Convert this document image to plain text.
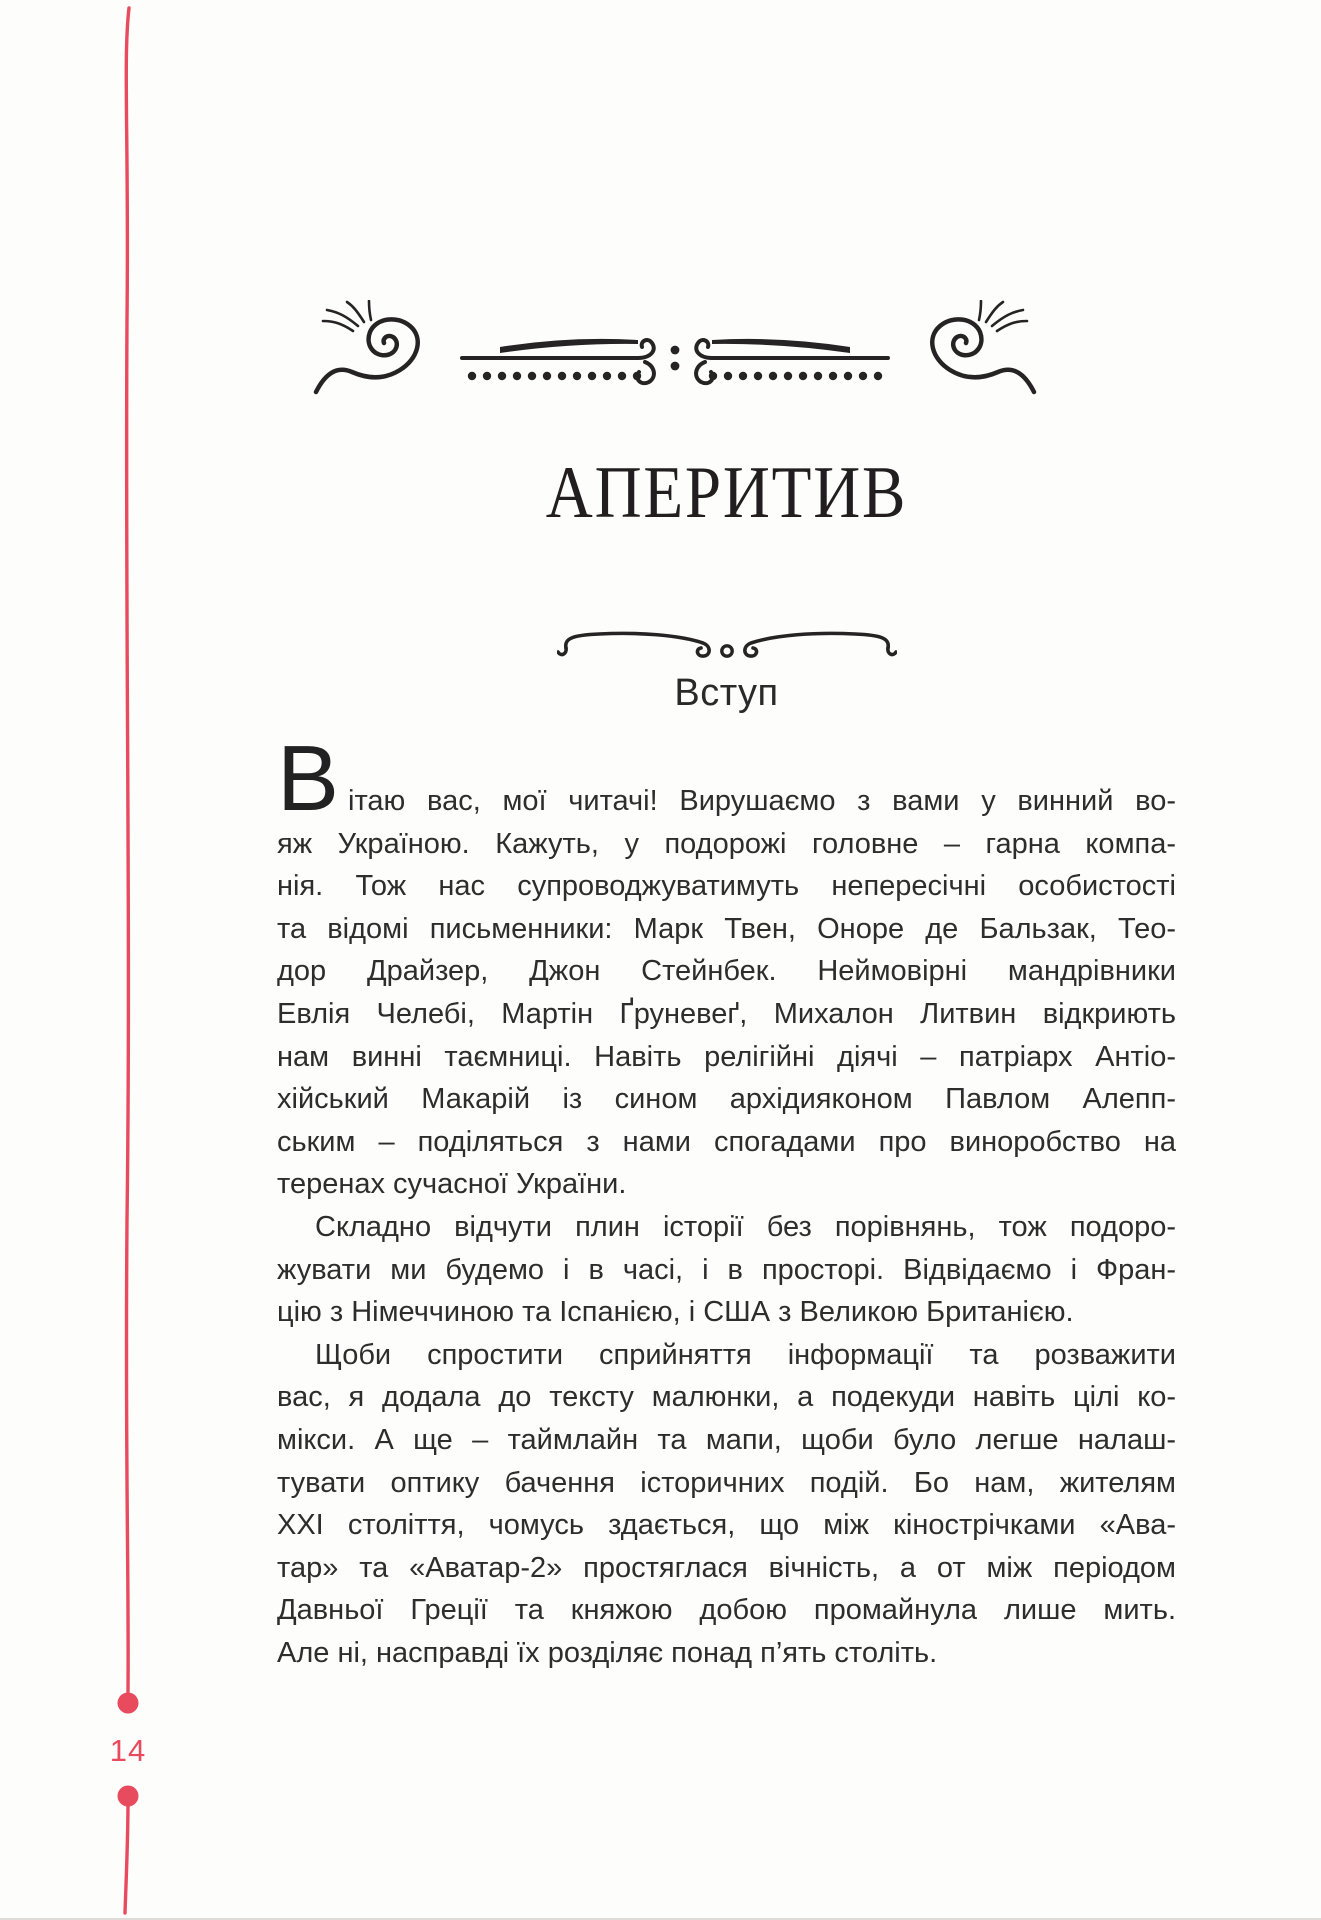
14
АПЕРИТИВ
Вступ
Вітаю вас, мої читачі! Вирушаємо з вами у винний во-
яж Україною. Кажуть, у подорожі головне – гарна компа-
нія. Тож нас супроводжуватимуть непересічні особистості
та відомі письменники: Марк Твен, Оноре де Бальзак, Тео-
дор Драйзер, Джон Стейнбек. Неймовірні мандрівники
Евлія Челебі, Мартін Ґруневеґ, Михалон Литвин відкриють
нам винні таємниці. Навіть релігійні діячі – патріарх Антіо-
хійський Макарій із сином архідияконом Павлом Алепп-
ським – поділяться з нами спогадами про виноробство на
теренах сучасної України.
Складно відчути плин історії без порівнянь, тож подоро-
жувати ми будемо і в часі, і в просторі. Відвідаємо і Фран-
цію з Німеччиною та Іспанією, і США з Великою Британією.
Щоби спростити сприйняття інформації та розважити
вас, я додала до тексту малюнки, а подекуди навіть цілі ко-
мікси. А ще – таймлайн та мапи, щоби було легше налаш-
тувати оптику бачення історичних подій. Бо нам, жителям
ХХІ століття, чомусь здається, що між кінострічками «Ава-
тар» та «Аватар-2» простяглася вічність, а от між періодом
Давньої Греції та княжою добою промайнула лише мить.
Але ні, насправді їх розділяє понад п’ять століть.
